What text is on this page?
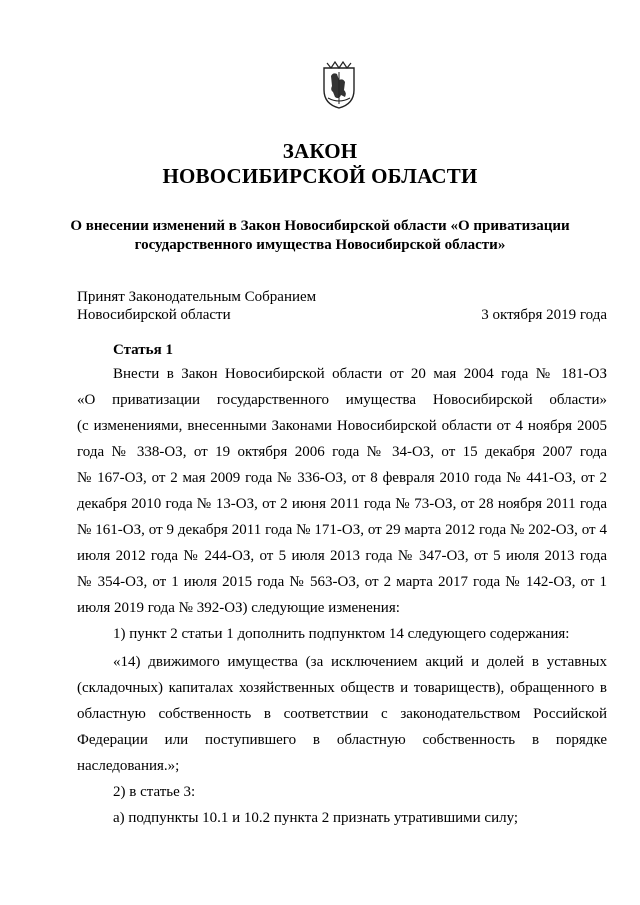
ЗАКОН
НОВОСИБИРСКОЙ ОБЛАСТИ
О внесении изменений в Закон Новосибирской области «О приватизации
государственного имущества Новосибирской области»
Принят Законодательным Собранием
Новосибирской области	3 октября 2019 года
Статья 1
Внести в Закон Новосибирской области от 20 мая 2004 года № 181-ОЗ
«О приватизации государственного имущества Новосибирской области»
(с изменениями, внесенными Законами Новосибирской области от 4 ноября 2005
года № 338-ОЗ, от 19 октября 2006 года № 34-ОЗ, от 15 декабря 2007 года
№ 167-ОЗ, от 2 мая 2009 года № 336-ОЗ, от 8 февраля 2010 года № 441-ОЗ, от 2
декабря 2010 года № 13-ОЗ, от 2 июня 2011 года № 73-ОЗ, от 28 ноября 2011 года
№ 161-ОЗ, от 9 декабря 2011 года № 171-ОЗ, от 29 марта 2012 года № 202-ОЗ, от 4
июля 2012 года № 244-ОЗ, от 5 июля 2013 года № 347-ОЗ, от 5 июля 2013 года
№ 354-ОЗ, от 1 июля 2015 года № 563-ОЗ, от 2 марта 2017 года № 142-ОЗ, от 1
июля 2019 года № 392-ОЗ) следующие изменения:
1) пункт 2 статьи 1 дополнить подпунктом 14 следующего содержания:
«14) движимого имущества (за исключением акций и долей в уставных
(складочных) капиталах хозяйственных обществ и товариществ), обращенного в
областную собственность в соответствии с законодательством Российской
Федерации или поступившего в областную собственность в порядке
наследования.»;
2) в статье 3:
а) подпункты 10.1 и 10.2 пункта 2 признать утратившими силу;
